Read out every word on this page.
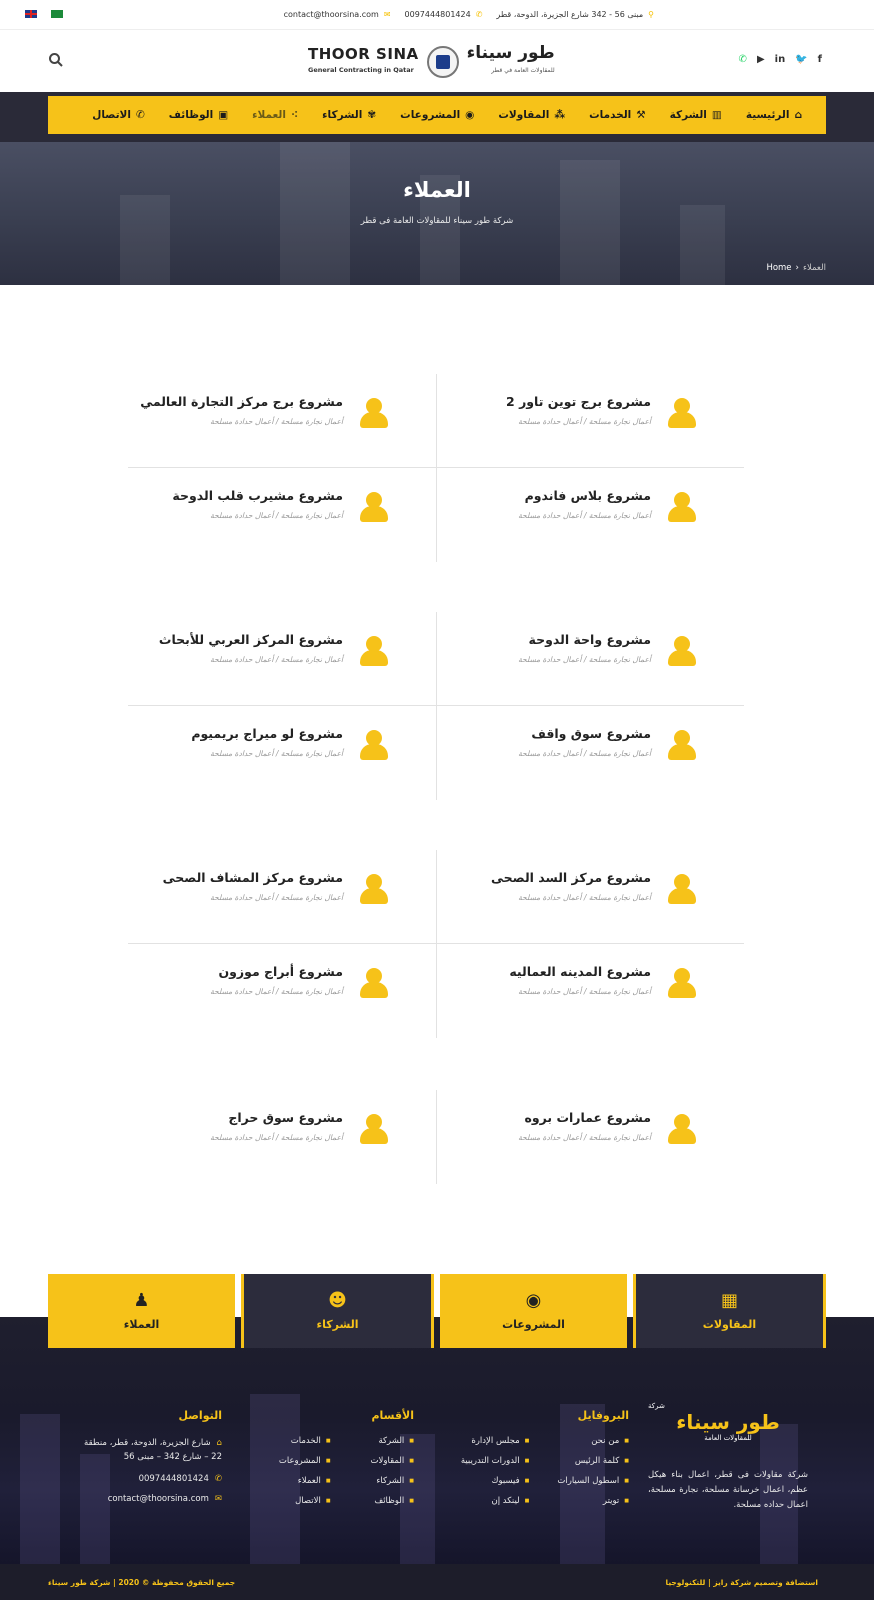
⚲مبنى 56 - 342 شارع الجزيرة، الدوحة، قطر
✆0097444801424
✉contact@thoorsina.com
THOOR SINA
General Contracting in Qatar
طور سيناء
للمقاولات العامة في قطر
✆ ▶ in 🐦 f
⌂
الرئيسية
▥
الشركة
⚒
الخدمات
⁂
المقاولات
◉
المشروعات
✾
الشركاء
⁖
العملاء
▣
الوظائف
✆
الاتصال
العملاء
شركة طور سيناء للمقاولات العامة فى قطر
Home › العملاء
مشروع برج توين تاور 2
أعمال نجارة مسلحة / أعمال حدادة مسلحة
مشروع برج مركز التجارة العالمي
أعمال نجارة مسلحة / أعمال حدادة مسلحة
مشروع بلاس فاندوم
أعمال نجارة مسلحة / أعمال حدادة مسلحة
مشروع مشيرب قلب الدوحة
أعمال نجارة مسلحة / أعمال حدادة مسلحة
مشروع واحة الدوحة
أعمال نجارة مسلحة / أعمال حدادة مسلحة
مشروع المركز العربي للأبحاث
أعمال نجارة مسلحة / أعمال حدادة مسلحة
مشروع سوق واقف
أعمال نجارة مسلحة / أعمال حدادة مسلحة
مشروع لو ميراج بريميوم
أعمال نجارة مسلحة / أعمال حدادة مسلحة
مشروع مركز السد الصحى
أعمال نجارة مسلحة / أعمال حدادة مسلحة
مشروع مركز المشاف الصحى
أعمال نجارة مسلحة / أعمال حدادة مسلحة
مشروع المدينه العماليه
أعمال نجارة مسلحة / أعمال حدادة مسلحة
مشروع أبراج موزون
أعمال نجارة مسلحة / أعمال حدادة مسلحة
مشروع عمارات بروه
أعمال نجارة مسلحة / أعمال حدادة مسلحة
مشروع سوق حراج
أعمال نجارة مسلحة / أعمال حدادة مسلحة
شركة
طور سيناء
للمقاولات العامة

شركة مقاولات فى قطر، اعمال بناء هيكل عظم، اعمال خرسانة مسلحة، نجارة مسلحة، اعمال حداده مسلحة.

البروفايل
■ من نحن
■ كلمة الرئيس
■ اسطول السيارات
■ تويتر
■ مجلس الإدارة
■ الدورات التدريبية
■ فيسبوك
■ لينكد إن
الأقسام
■ الشركة
■ المقاولات
■ الشركاء
■ الوظائف
■ الخدمات
■ المشروعات
■ العملاء
■ الاتصال
التواصل
⌂شارع الجزيرة، الدوحة، قطر، منطقة 22 – شارع 342 – مبنى 56
✆0097444801424
✉contact@thoorsina.com
▦
المقاولات
◉
المشروعات
☻
الشركاء
♟
العملاء
جميع الحقوق محفوظة © 2020 | شركة طور سيناء	استضافة وتصميم شركة رايز | للتكنولوجيا
